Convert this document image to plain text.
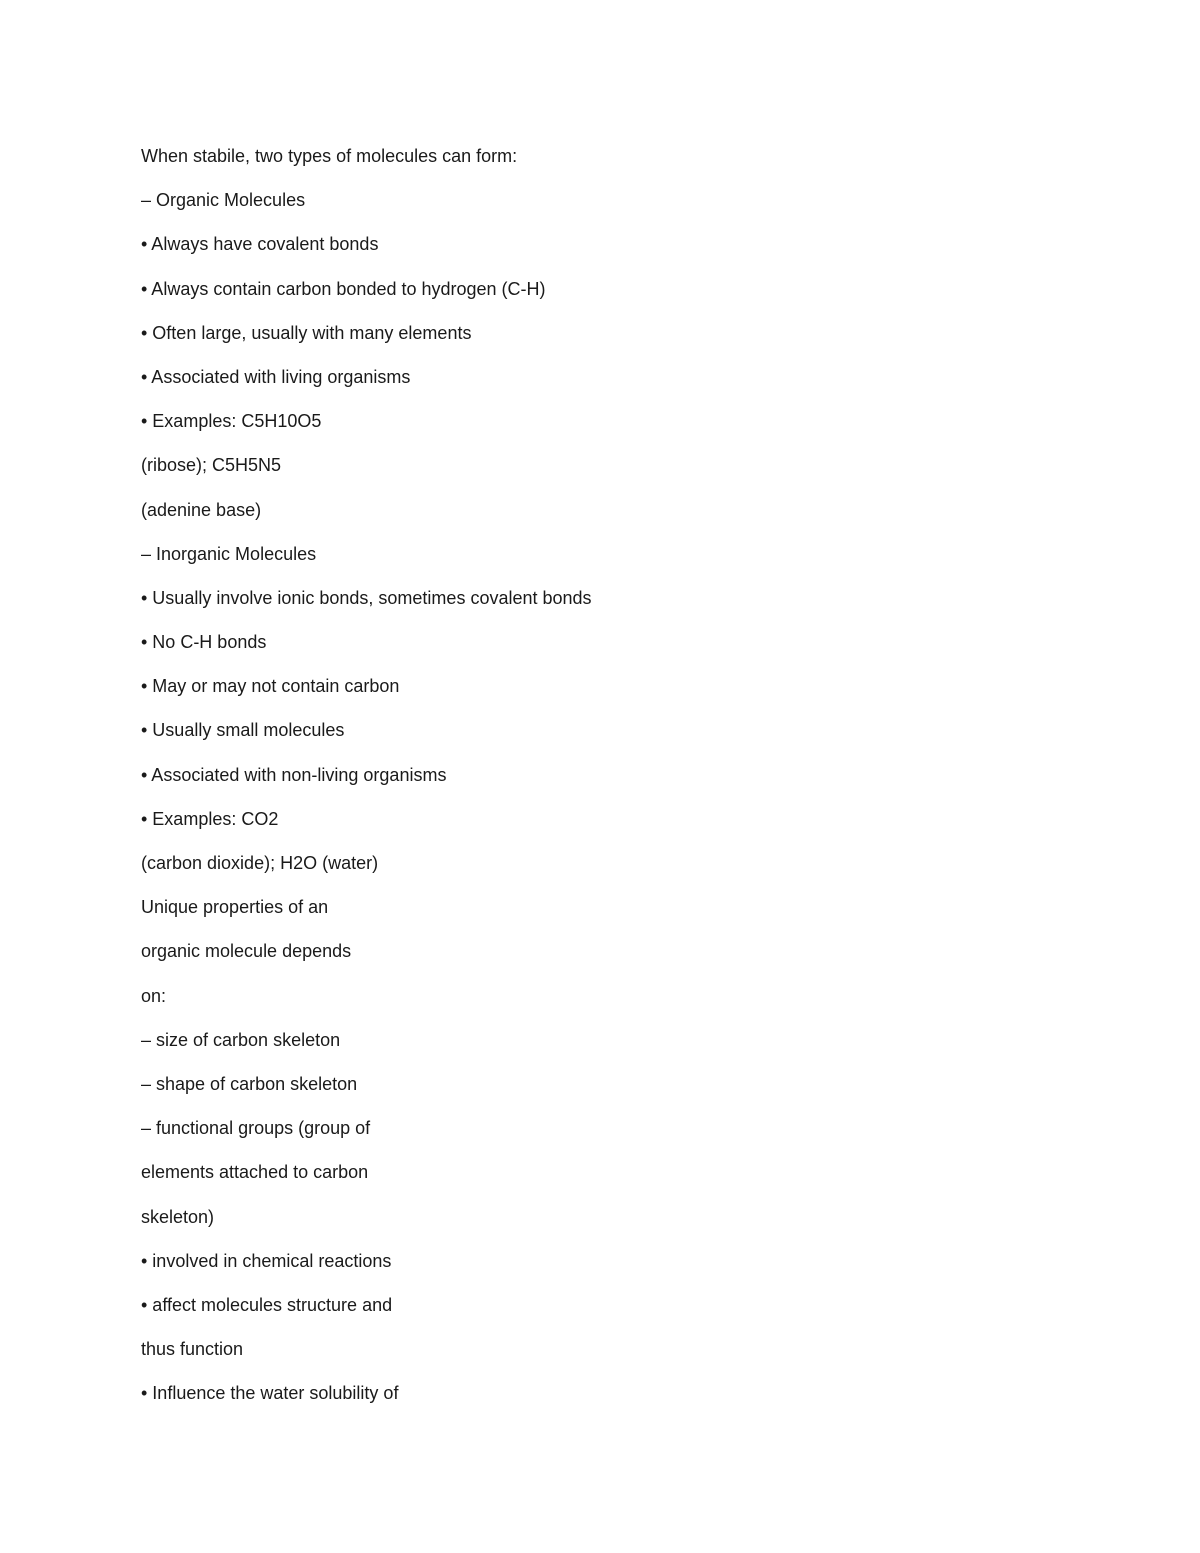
When stabile, two types of molecules can form:
– Organic Molecules
• Always have covalent bonds
• Always contain carbon bonded to hydrogen (C-H)
• Often large, usually with many elements
• Associated with living organisms
• Examples: C5H10O5
(ribose); C5H5N5
(adenine base)
– Inorganic Molecules
• Usually involve ionic bonds, sometimes covalent bonds
• No C-H bonds
• May or may not contain carbon
• Usually small molecules
• Associated with non-living organisms
• Examples: CO2
(carbon dioxide); H2O (water)
Unique properties of an
organic molecule depends
on:
– size of carbon skeleton
– shape of carbon skeleton
– functional groups (group of
elements attached to carbon
skeleton)
• involved in chemical reactions
• affect molecules structure and
thus function
• Influence the water solubility of
